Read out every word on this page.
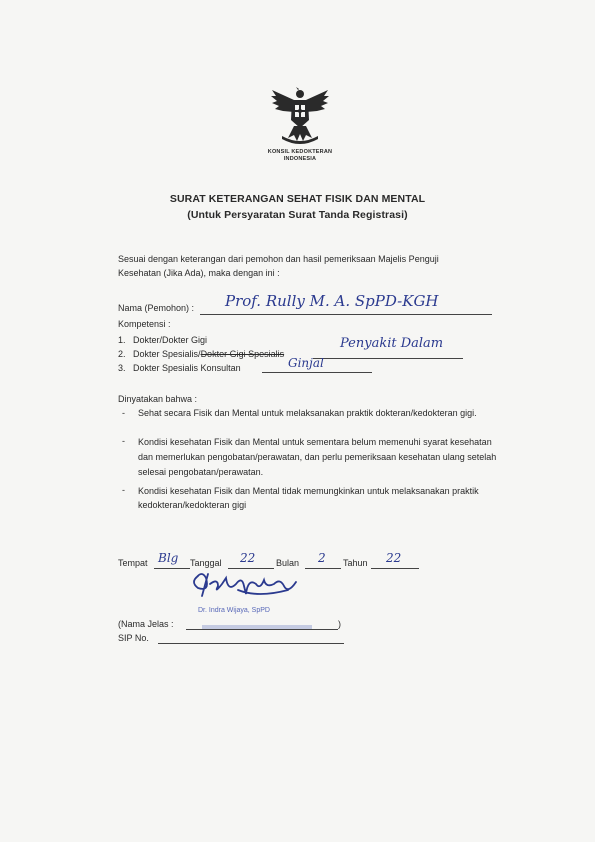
KONSIL KEDOKTERAN
INDONESIA
SURAT KETERANGAN SEHAT FISIK DAN MENTAL
(Untuk Persyaratan Surat Tanda Registrasi)
Sesuai dengan keterangan dari pemohon dan hasil pemeriksaan Majelis Penguji
Kesehatan (Jika Ada), maka dengan ini :
Nama (Pemohon) : Prof. Rully M. A. SpPD-KGH
Kompetensi :
1. Dokter/Dokter Gigi
2. Dokter Spesialis/Dokter Gigi Spesialis
Penyakit Dalam
3. Dokter Spesialis Konsultan	Ginjal
Dinyatakan bahwa :
- Sehat secara Fisik dan Mental untuk melaksanakan praktik dokteran/kedokteran gigi.
- Kondisi kesehatan Fisik dan Mental untuk sementara belum memenuhi syarat kesehatan dan memerlukan pengobatan/perawatan, dan perlu pemeriksaan kesehatan ulang setelah selesai pengobatan/perawatan.
- Kondisi kesehatan Fisik dan Mental tidak memungkinkan untuk melaksanakan praktik kedokteran/kedokteran gigi
Tempat Blg Tanggal 22 Bulan 2 Tahun 22
Dr. Indra Wijaya, SpPD
(Nama Jelas :	)
SIP No.
